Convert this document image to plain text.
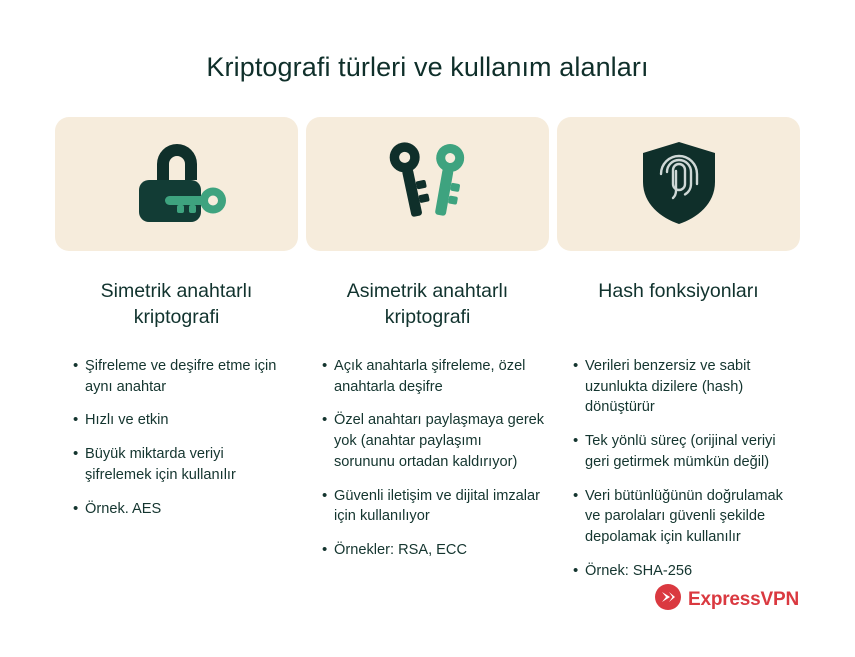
Kriptografi türleri ve kullanım alanları
Simetrik anahtarlı kriptografi
• Şifreleme ve deşifre etme için aynı anahtar
• Hızlı ve etkin
• Büyük miktarda veriyi şifrelemek için kullanılır
• Örnek. AES
Asimetrik anahtarlı kriptografi
• Açık anahtarla şifreleme, özel anahtarla deşifre
• Özel anahtarı paylaşmaya gerek yok (anahtar paylaşımı sorununu ortadan kaldırıyor)
• Güvenli iletişim ve dijital imzalar için kullanılıyor
• Örnekler: RSA, ECC
Hash fonksiyonları
• Verileri benzersiz ve sabit uzunlukta dizilere (hash) dönüştürür
• Tek yönlü süreç (orijinal veriyi geri getirmek mümkün değil)
• Veri bütünlüğünün doğrulamak ve parolaları güvenli şekilde depolamak için kullanılır
• Örnek: SHA-256
ExpressVPN
